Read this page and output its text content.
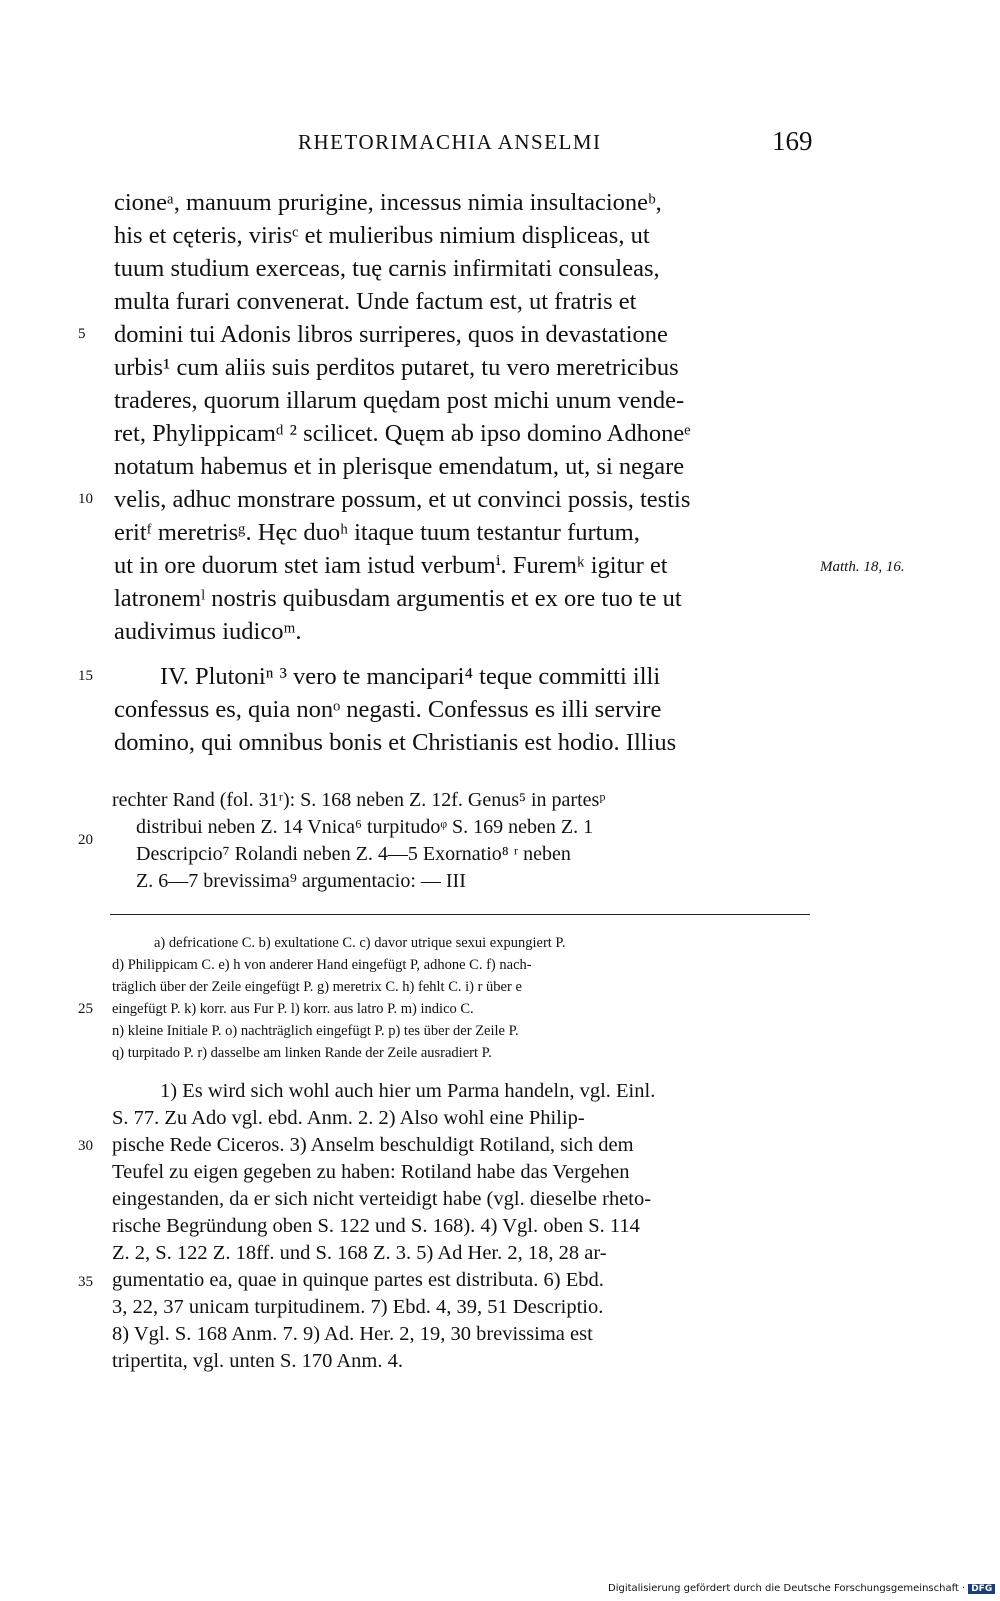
RHETORIMACHIA ANSELMI	169
cioneᵃ, manuum prurigine, incessus nimia insultacioneᵇ,
his et cęteris, virisᶜ et mulieribus nimium displiceas, ut
tuum studium exerceas, tuę carnis infirmitati consuleas,
multa furari convenerat. Unde factum est, ut fratris et
domini tui Adonis libros surriperes, quos in devastatione
urbis¹ cum aliis suis perditos putaret, tu vero meretricibus
traderes, quorum illarum quędam post michi unum vende-
ret, Phylippicamᵈ ² scilicet. Quęm ab ipso domino Adhoneᵉ
notatum habemus et in plerisque emendatum, ut, si negare
velis, adhuc monstrare possum, et ut convinci possis, testis
eritᶠ meretrisᵍ. Hęc duoʰ itaque tuum testantur furtum,
ut in ore duorum stet iam istud verbumⁱ. Furemᵏ igitur et
latronemˡ nostris quibusdam argumentis et ex ore tuo te ut
audivimus iudicoᵐ.
IV. Plutoniⁿ ³ vero te mancipari⁴ teque committi illi
confessus es, quia nonᵒ negasti. Confessus es illi servire
domino, qui omnibus bonis et Christianis est hodio. Illius
5
10
15
20
25
30
35
Matth. 18, 16.
rechter Rand (fol. 31ʳ): S. 168 neben Z. 12f. Genus⁵ in partesᵖ
distribui neben Z. 14 Vnica⁶ turpitudoᵠ S. 169 neben Z. 1
Descripcio⁷ Rolandi neben Z. 4—5 Exornatio⁸ ʳ neben
Z. 6—7 brevissima⁹ argumentacio: — III
a) defricatione C. b) exultatione C. c) davor utrique sexui expungiert P.
d) Philippicam C. e) h von anderer Hand eingefügt P, adhone C. f) nach-
träglich über der Zeile eingefügt P. g) meretrix C. h) fehlt C. i) r über e
eingefügt P. k) korr. aus Fur P. l) korr. aus latro P. m) indico C.
n) kleine Initiale P. o) nachträglich eingefügt P. p) tes über der Zeile P.
q) turpitado P. r) dasselbe am linken Rande der Zeile ausradiert P.
1) Es wird sich wohl auch hier um Parma handeln, vgl. Einl.
S. 77. Zu Ado vgl. ebd. Anm. 2. 2) Also wohl eine Philip-
pische Rede Ciceros. 3) Anselm beschuldigt Rotiland, sich dem
Teufel zu eigen gegeben zu haben: Rotiland habe das Vergehen
eingestanden, da er sich nicht verteidigt habe (vgl. dieselbe rheto-
rische Begründung oben S. 122 und S. 168). 4) Vgl. oben S. 114
Z. 2, S. 122 Z. 18ff. und S. 168 Z. 3. 5) Ad Her. 2, 18, 28 ar-
gumentatio ea, quae in quinque partes est distributa. 6) Ebd.
3, 22, 37 unicam turpitudinem. 7) Ebd. 4, 39, 51 Descriptio.
8) Vgl. S. 168 Anm. 7. 9) Ad. Her. 2, 19, 30 brevissima est
tripertita, vgl. unten S. 170 Anm. 4.
Digitalisierung gefördert durch die Deutsche Forschungsgemeinschaft · DFG
